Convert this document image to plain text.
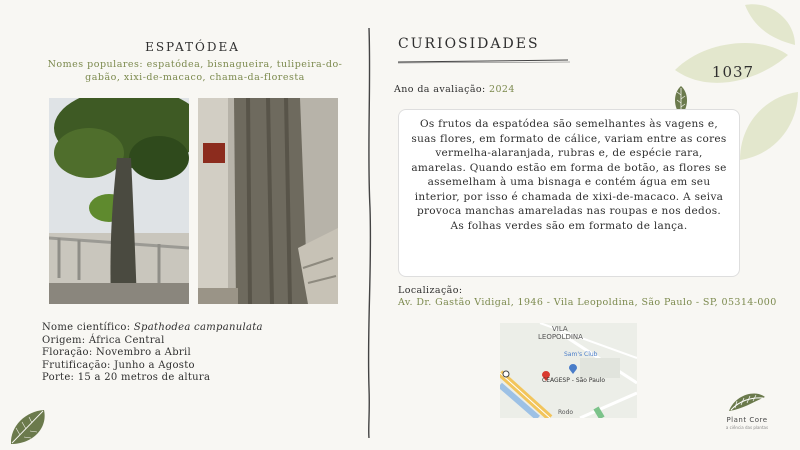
1037
ESPATÓDEA
Nomes populares: espatódea, bisnagueira, tulipeira-do-gabão, xixi-de-macaco, chama-da-floresta
Nome científico: Spathodea campanulata
Origem: África Central
Floração: Novembro a Abril
Frutificação: Junho a Agosto
Porte: 15 a 20 metros de altura
CURIOSIDADES
Ano da avaliação: 2024

Os frutos da espatódea são semelhantes às vagens e, suas flores, em formato de cálice, variam entre as cores vermelha-alaranjada, rubras e, de espécie rara, amarelas. Quando estão em forma de botão, as flores se assemelham à uma bisnaga e contém água em seu interior, por isso é chamada de xixi-de-macaco. A seiva provoca manchas amareladas nas roupas e nos dedos. As folhas verdes são em formato de lança.

Localização:
Av. Dr. Gastão Vidigal, 1946 - Vila Leopoldina, São Paulo - SP, 05314-000
VILA
LEOPOLDINA
Sam's Club
CEAGESP - São Paulo
Rodo
Plant Core
a ciência das plantas
